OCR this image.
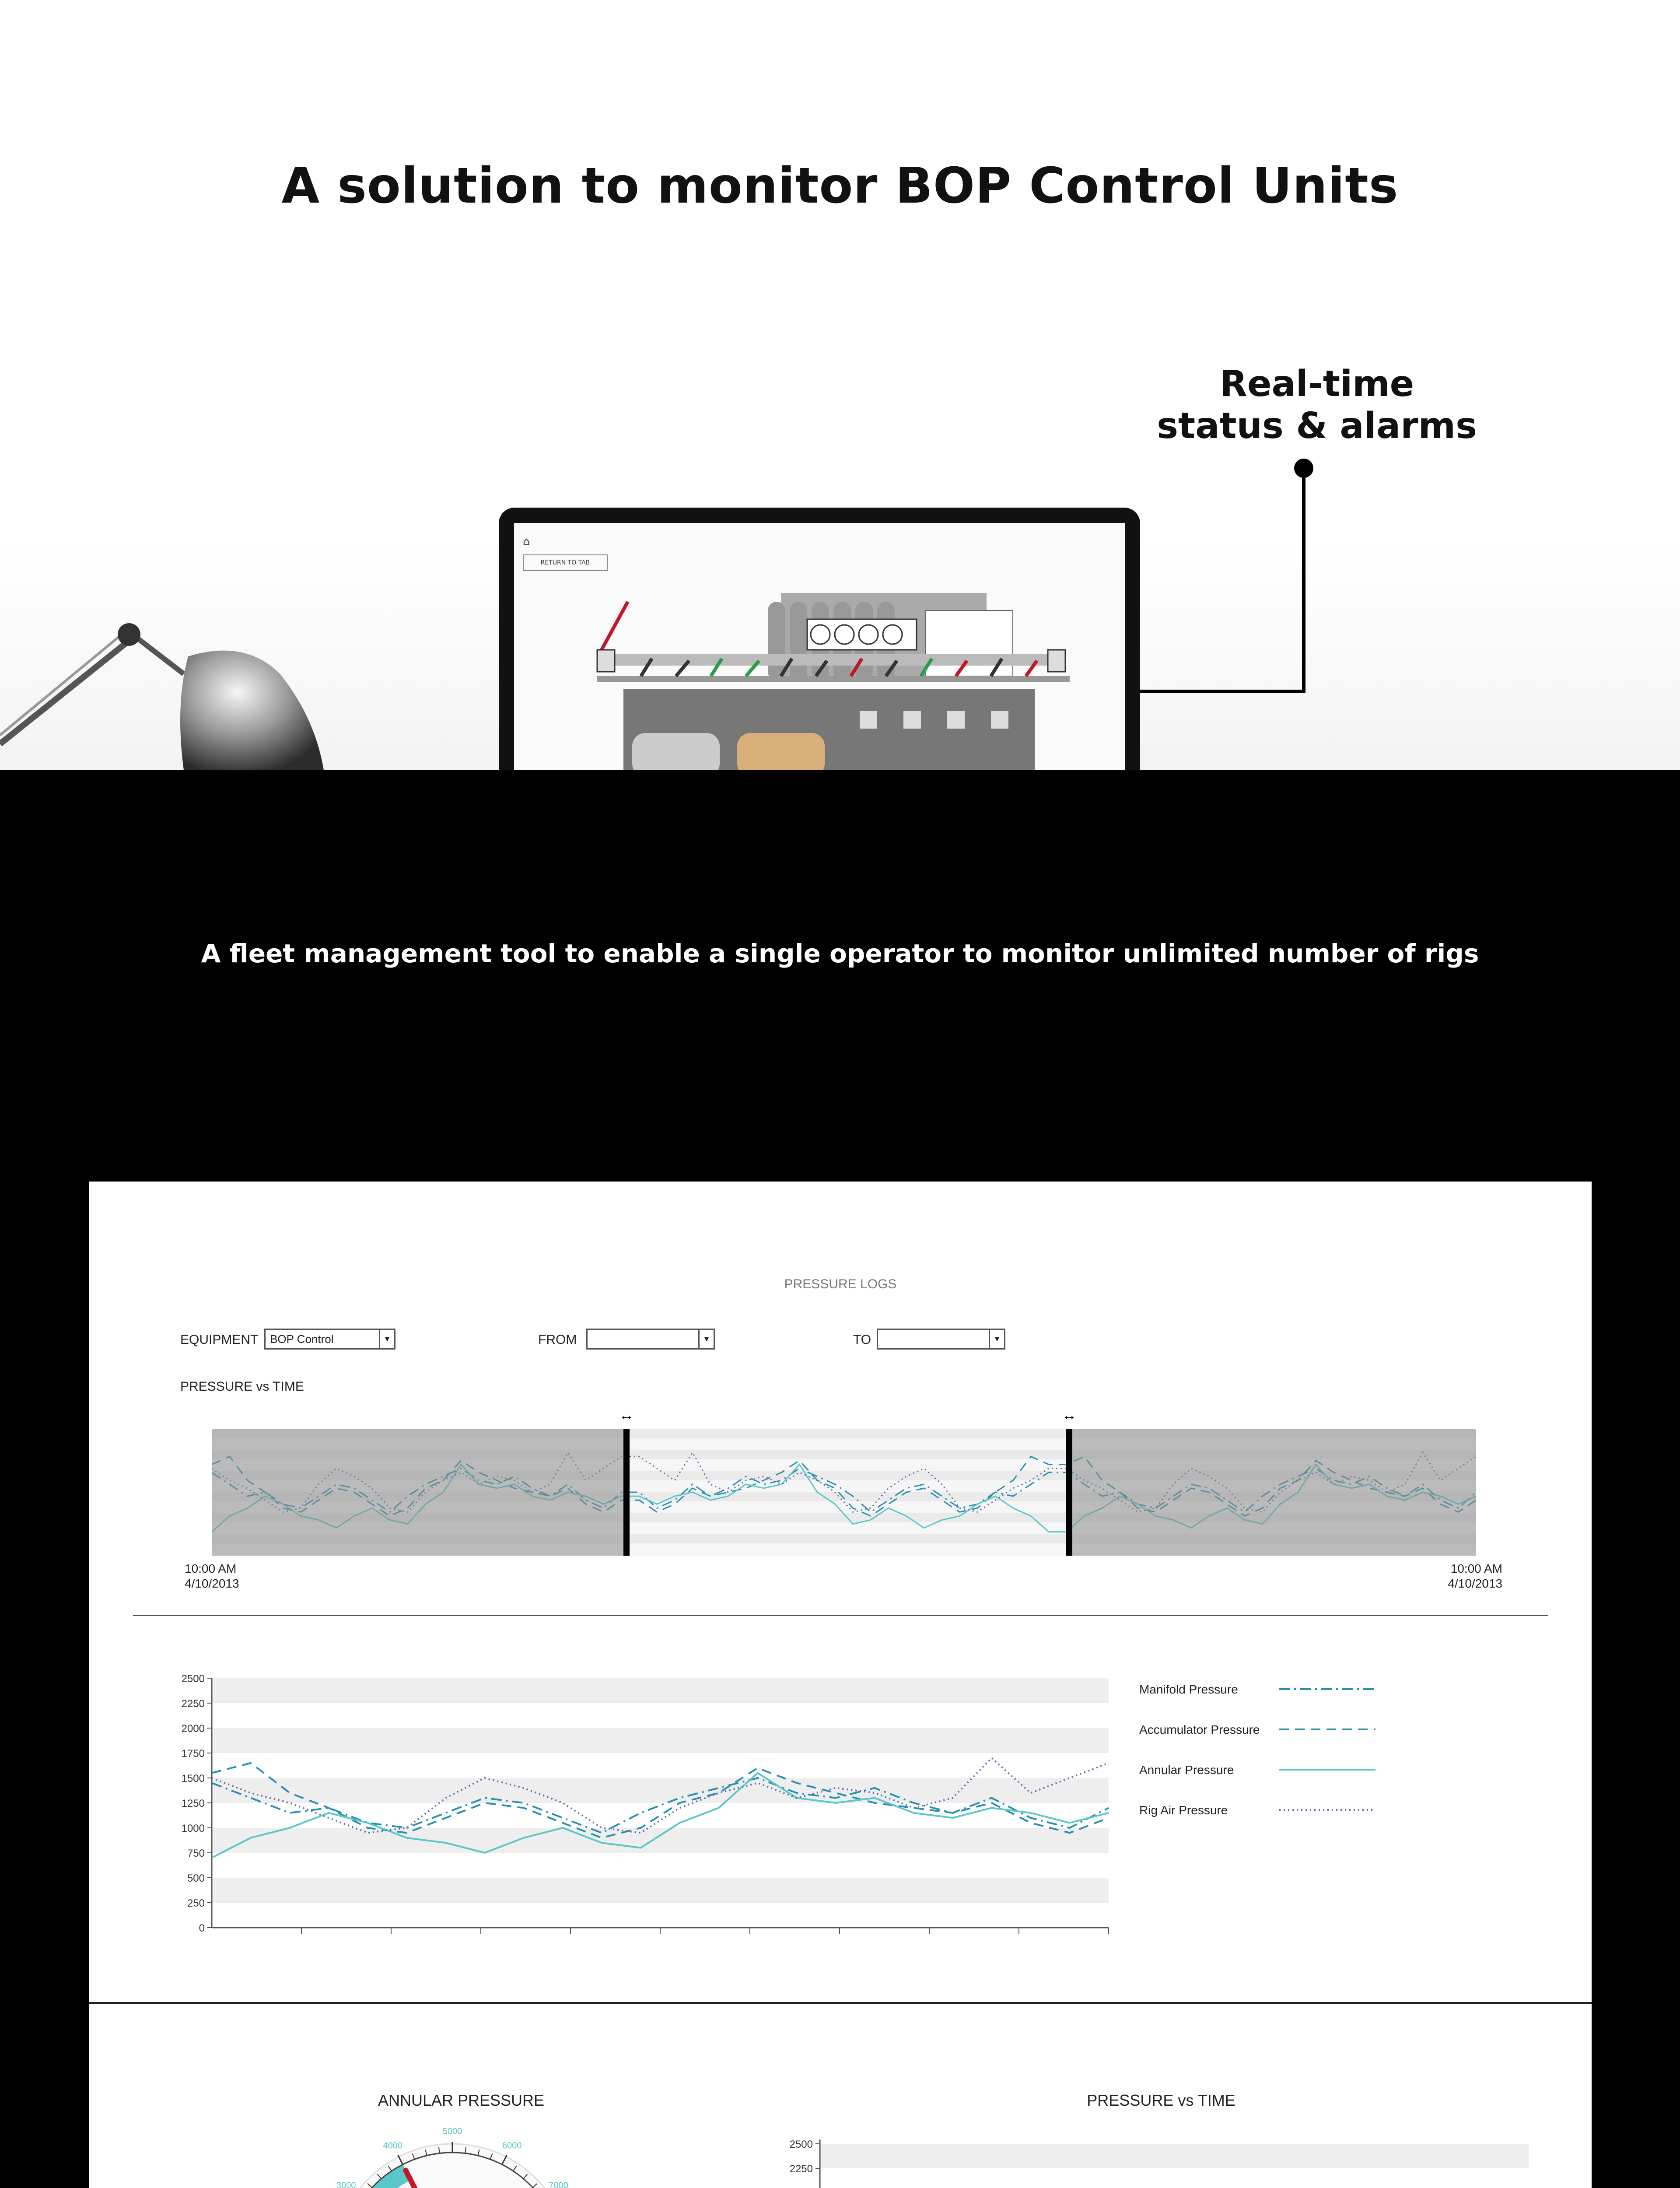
A solution to monitor BOP Control Units
Real-time
status & alarms
⌂
RETURN TO TAB
A fleet management tool to enable a single operator to monitor unlimited number of rigs
PRESSURE LOGS
EQUIPMENT	BOP Control	▾	FROM	▾	TO	▾
PRESSURE vs TIME
↔	↔
10:00 AM
4/10/2013
10:00 AM
4/10/2013
0
250
500
750
1000
1250
1500
1750
2000
2250
2500
Manifold Pressure
Accumulator Pressure
Annular Pressure
Rig Air Pressure
ANNULAR PRESSURE
3000
4000
5000
6000
7000
PRESSURE vs TIME
2250
2500
